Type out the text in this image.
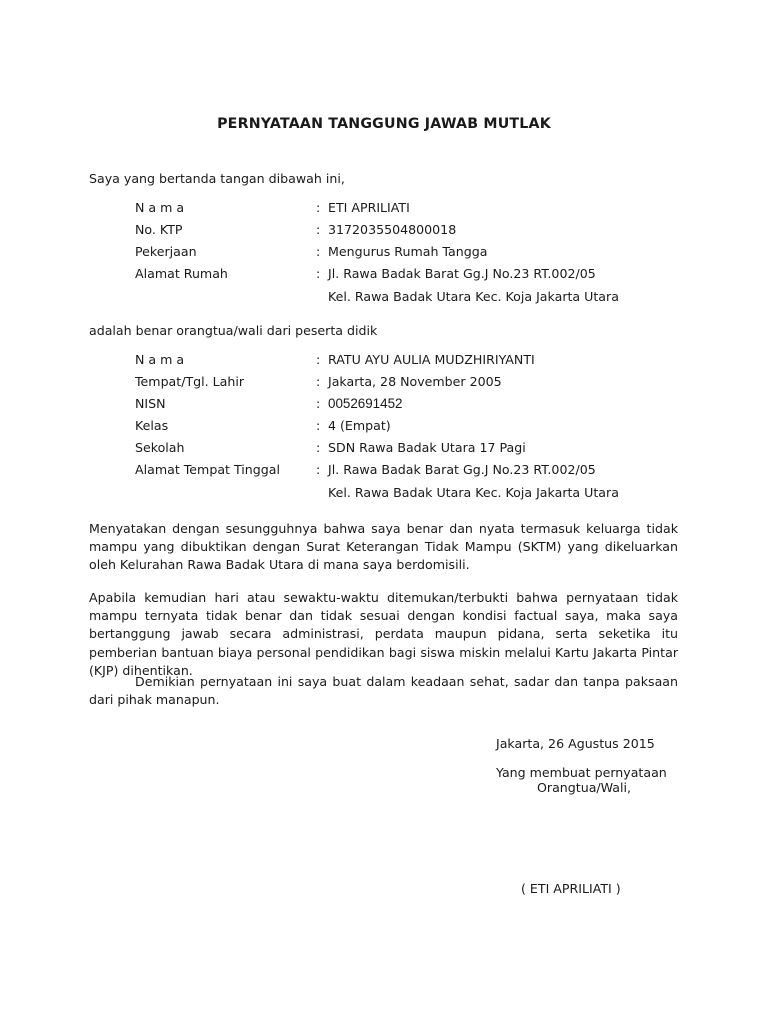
PERNYATAAN TANGGUNG JAWAB MUTLAK
Saya yang bertanda tangan dibawah ini,
N a m a	: ETI APRILIATI
No. KTP	: 3172035504800018
Pekerjaan	: Mengurus Rumah Tangga
Alamat Rumah	: Jl. Rawa Badak Barat Gg.J No.23 RT.002/05
Kel. Rawa Badak Utara Kec. Koja Jakarta Utara
adalah benar orangtua/wali dari peserta didik
N a m a	: RATU AYU AULIA MUDZHIRIYANTI
Tempat/Tgl. Lahir	: Jakarta, 28 November 2005
NISN	: 0052691452
Kelas	: 4 (Empat)
Sekolah	: SDN Rawa Badak Utara 17 Pagi
Alamat Tempat Tinggal	: Jl. Rawa Badak Barat Gg.J No.23 RT.002/05
Kel. Rawa Badak Utara Kec. Koja Jakarta Utara
Menyatakan dengan sesungguhnya bahwa saya benar dan nyata termasuk keluarga tidak mampu yang dibuktikan dengan Surat Keterangan Tidak Mampu (SKTM) yang dikeluarkan oleh Kelurahan Rawa Badak Utara di mana saya berdomisili.
Apabila kemudian hari atau sewaktu-waktu ditemukan/terbukti bahwa pernyataan tidak mampu ternyata tidak benar dan tidak sesuai dengan kondisi factual saya, maka saya bertanggung jawab secara administrasi, perdata maupun pidana, serta seketika itu pemberian bantuan biaya personal pendidikan bagi siswa miskin melalui Kartu Jakarta Pintar (KJP) dihentikan.
Demikian pernyataan ini saya buat dalam keadaan sehat, sadar dan tanpa paksaan dari pihak manapun.
Jakarta, 26 Agustus 2015
Yang membuat pernyataan
Orangtua/Wali,
( ETI APRILIATI )
